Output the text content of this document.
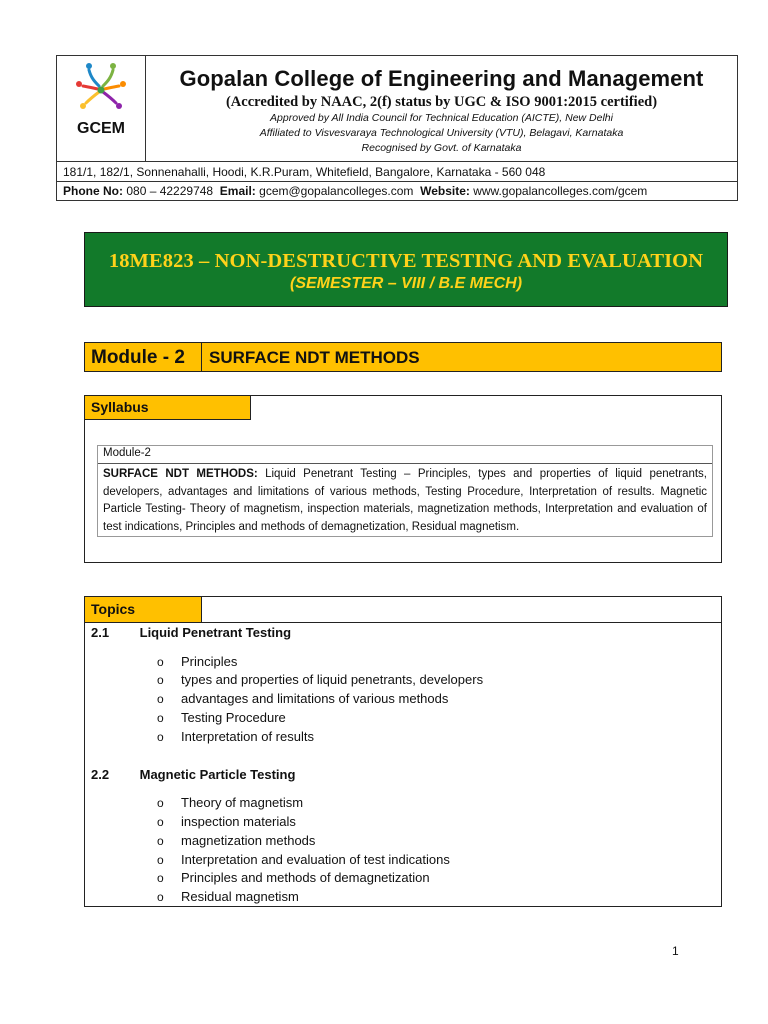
GCEM
Gopalan College of Engineering and Management
(Accredited by NAAC, 2(f) status by UGC & ISO 9001:2015 certified)
Approved by All India Council for Technical Education (AICTE), New Delhi
Affiliated to Visvesvaraya Technological University (VTU), Belagavi, Karnataka
Recognised by Govt. of Karnataka
181/1, 182/1, Sonnenahalli, Hoodi, K.R.Puram, Whitefield, Bangalore, Karnataka - 560 048
Phone No: 080 – 42229748 Email: gcem@gopalancolleges.com Website: www.gopalancolleges.com/gcem
18ME823 – NON-DESTRUCTIVE TESTING AND EVALUATION
(SEMESTER – VIII / B.E MECH)
Module - 2	SURFACE NDT METHODS
Syllabus
Module-2
SURFACE NDT METHODS: Liquid Penetrant Testing – Principles, types and properties of liquid penetrants, developers, advantages and limitations of various methods, Testing Procedure, Interpretation of results. Magnetic Particle Testing- Theory of magnetism, inspection materials, magnetization methods, Interpretation and evaluation of test indications, Principles and methods of demagnetization, Residual magnetism.
Topics
2.1 Liquid Penetrant Testing
o Principles
o types and properties of liquid penetrants, developers
o advantages and limitations of various methods
o Testing Procedure
o Interpretation of results
2.2 Magnetic Particle Testing
o Theory of magnetism
o inspection materials
o magnetization methods
o Interpretation and evaluation of test indications
o Principles and methods of demagnetization
o Residual magnetism
1
